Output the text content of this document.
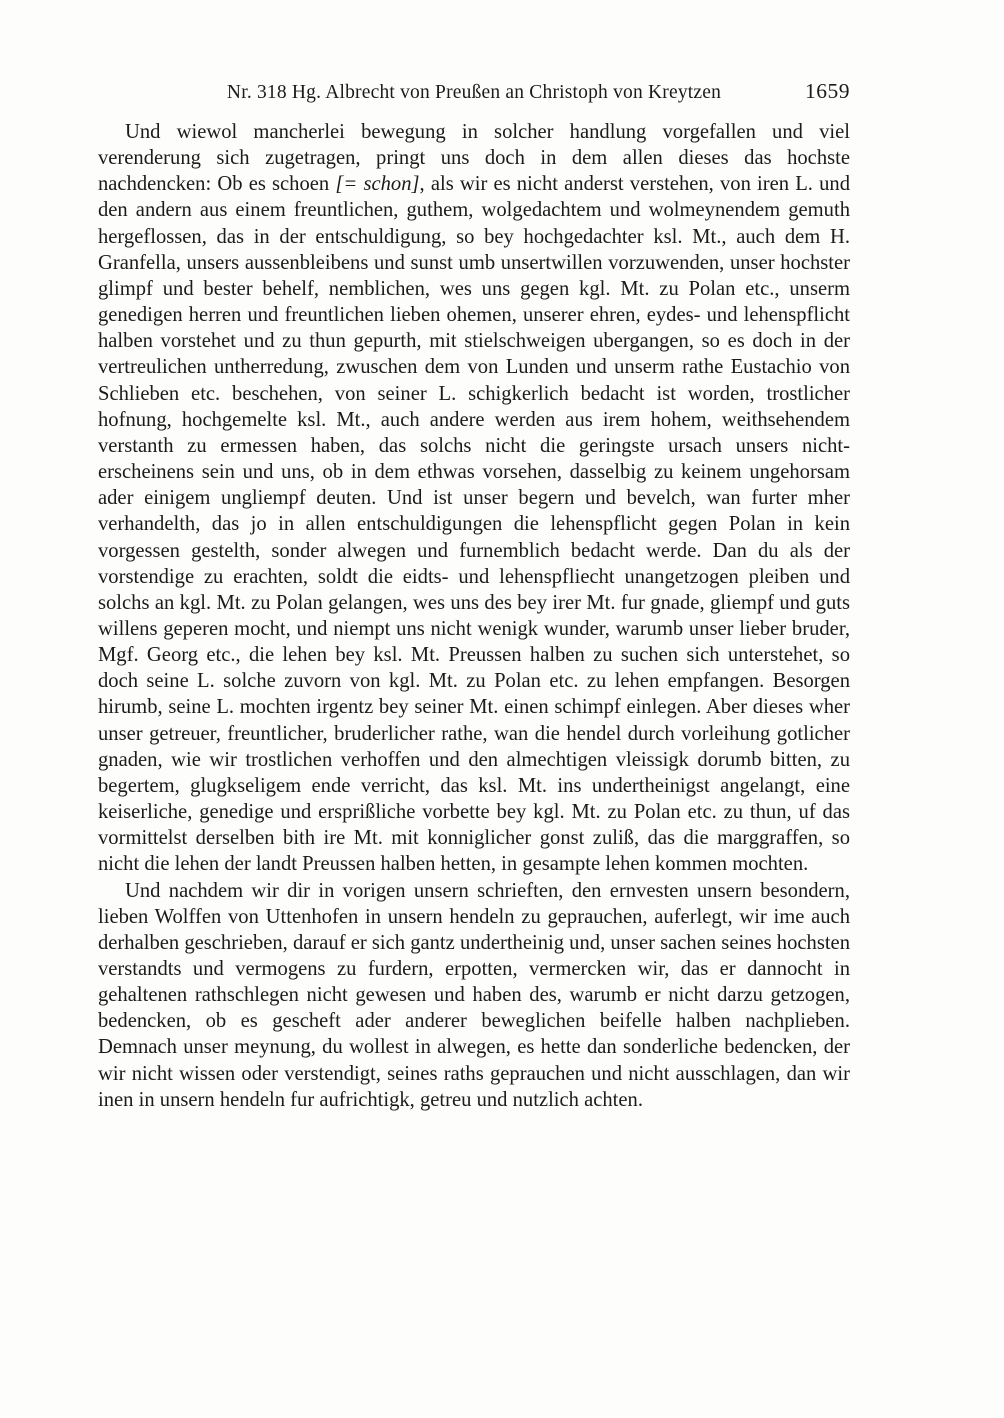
Nr. 318 Hg. Albrecht von Preußen an Christoph von Kreytzen	1659

Und wiewol mancherlei bewegung in solcher handlung vorgefallen und viel verenderung sich zugetragen, pringt uns doch in dem allen dieses das hochste nachdencken: Ob es schoen [= schon], als wir es nicht anderst verstehen, von iren L. und den andern aus einem freuntlichen, guthem, wolgedachtem und wolmeynendem gemuth hergeflossen, das in der entschuldigung, so bey hochgedachter ksl. Mt., auch dem H. Granfella, unsers aussenbleibens und sunst umb unsertwillen vorzuwenden, unser hochster glimpf und bester behelf, nemblichen, wes uns gegen kgl. Mt. zu Polan etc., unserm genedigen herren und freuntlichen lieben ohemen, unserer ehren, eydes- und lehenspflicht halben vorstehet und zu thun gepurth, mit stielschweigen ubergangen, so es doch in der vertreulichen untherredung, zwuschen dem von Lunden und unserm rathe Eustachio von Schlieben etc. beschehen, von seiner L. schigkerlich bedacht ist worden, trostlicher hofnung, hochgemelte ksl. Mt., auch andere werden aus irem hohem, weithsehendem verstanth zu ermessen haben, das solchs nicht die geringste ursach unsers nicht-erscheinens sein und uns, ob in dem ethwas vorsehen, dasselbig zu keinem ungehorsam ader einigem ungliempf deuten. Und ist unser begern und bevelch, wan furter mher verhandelth, das jo in allen entschuldigungen die lehenspflicht gegen Polan in kein vorgessen gestelth, sonder alwegen und furnemblich bedacht werde. Dan du als der vorstendige zu erachten, soldt die eidts- und lehenspfliecht unangetzogen pleiben und solchs an kgl. Mt. zu Polan gelangen, wes uns des bey irer Mt. fur gnade, gliempf und guts willens geperen mocht, und niempt uns nicht wenigk wunder, warumb unser lieber bruder, Mgf. Georg etc., die lehen bey ksl. Mt. Preussen halben zu suchen sich unterstehet, so doch seine L. solche zuvorn von kgl. Mt. zu Polan etc. zu lehen empfangen. Besorgen hirumb, seine L. mochten irgentz bey seiner Mt. einen schimpf einlegen. Aber dieses wher unser getreuer, freuntlicher, bruderlicher rathe, wan die hendel durch vorleihung gotlicher gnaden, wie wir trostlichen verhoffen und den almechtigen vleissigk dorumb bitten, zu begertem, glugkseligem ende verricht, das ksl. Mt. ins undertheinigst angelangt, eine keiserliche, genedige und ersprißliche vorbette bey kgl. Mt. zu Polan etc. zu thun, uf das vormittelst derselben bith ire Mt. mit konniglicher gonst zuliß, das die marggraffen, so nicht die lehen der landt Preussen halben hetten, in gesampte lehen kommen mochten.

Und nachdem wir dir in vorigen unsern schrieften, den ernvesten unsern besondern, lieben Wolffen von Uttenhofen in unsern hendeln zu geprauchen, auferlegt, wir ime auch derhalben geschrieben, darauf er sich gantz undertheinig und, unser sachen seines hochsten verstandts und vermogens zu furdern, erpotten, vermercken wir, das er dannocht in gehaltenen rathschlegen nicht gewesen und haben des, warumb er nicht darzu getzogen, bedencken, ob es gescheft ader anderer beweglichen beifelle halben nachplieben. Demnach unser meynung, du wollest in alwegen, es hette dan sonderliche bedencken, der wir nicht wissen oder verstendigt, seines raths geprauchen und nicht ausschlagen, dan wir inen in unsern hendeln fur aufrichtigk, getreu und nutzlich achten.
